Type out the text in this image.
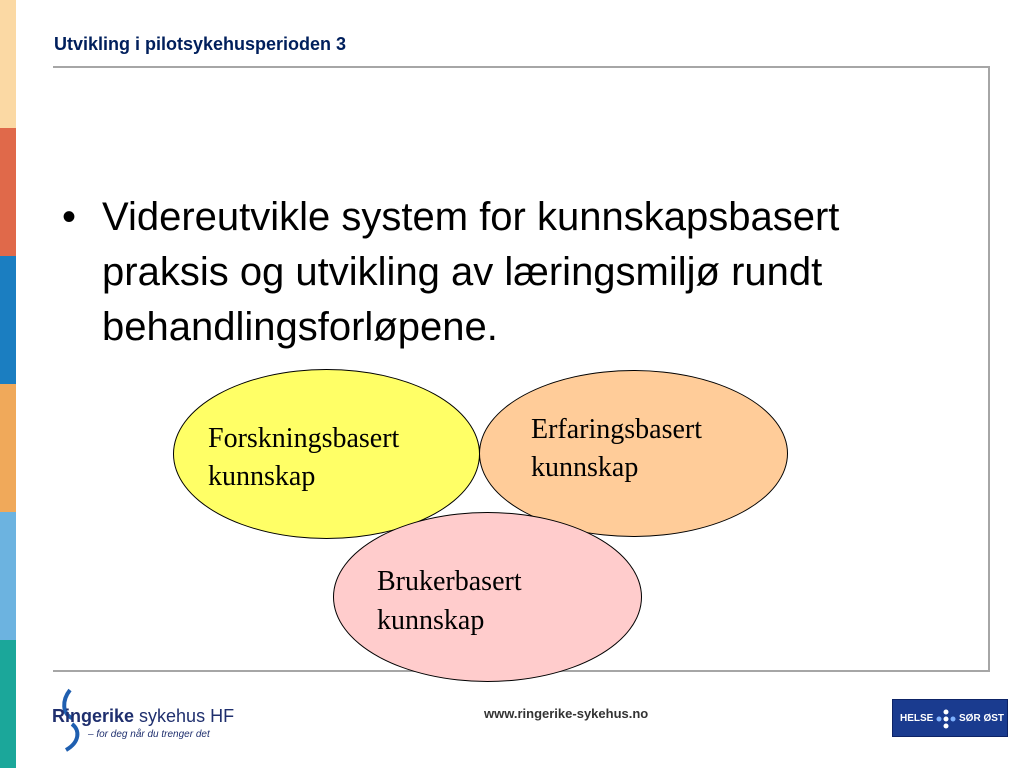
Utvikling i pilotsykehusperioden 3
• Videreutvikle system for kunnskapsbasert praksis og utvikling av læringsmiljø rundt behandlingsforløpene.
Forskningsbasert
kunnskap
Erfaringsbasert
kunnskap
Brukerbasert
kunnskap
Ringerike sykehus HF
– for deg når du trenger det
www.ringerike-sykehus.no	HELSE	SØR ØST
